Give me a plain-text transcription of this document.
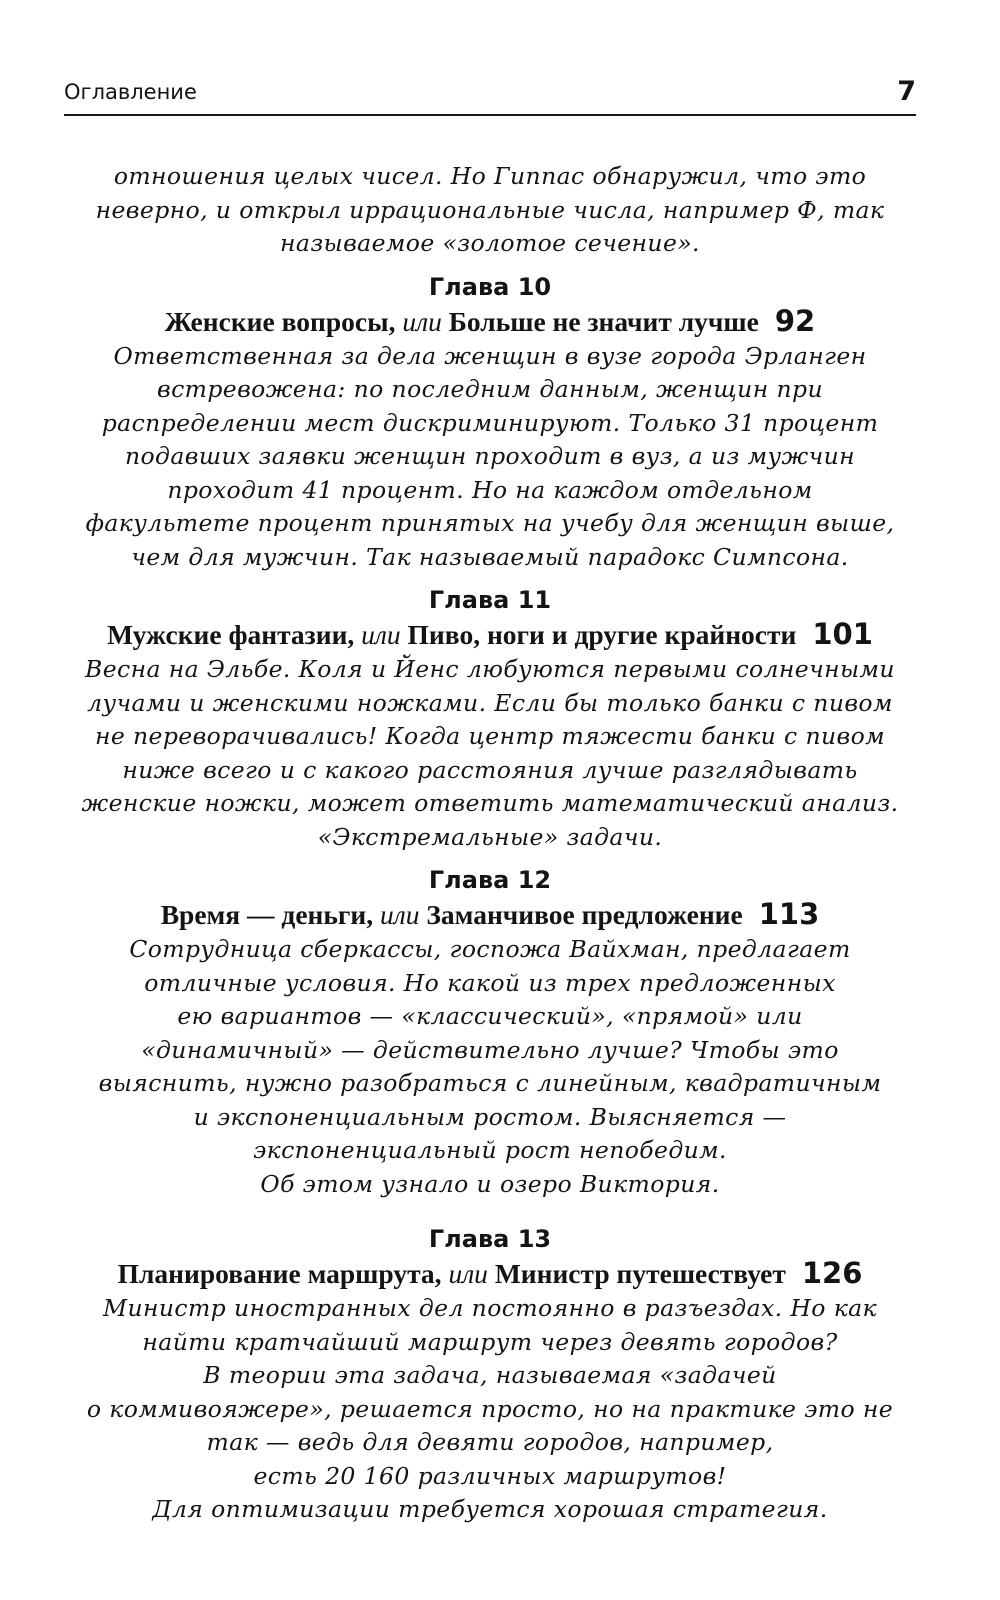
Оглавление	7
отношения целых чисел. Но Гиппас обнаружил, что это
неверно, и открыл иррациональные числа, например Ф, так
называемое «золотое сечение».
Глава 10
Женские вопросы, или Больше не значит лучше 92
Ответственная за дела женщин в вузе города Эрланген
встревожена: по последним данным, женщин при
распределении мест дискриминируют. Только 31 процент
подавших заявки женщин проходит в вуз, а из мужчин
проходит 41 процент. Но на каждом отдельном
факультете процент принятых на учебу для женщин выше,
чем для мужчин. Так называемый парадокс Симпсона.
Глава 11
Мужские фантазии, или Пиво, ноги и другие крайности 101
Весна на Эльбе. Коля и Йенс любуются первыми солнечными
лучами и женскими ножками. Если бы только банки с пивом
не переворачивались! Когда центр тяжести банки с пивом
ниже всего и с какого расстояния лучше разглядывать
женские ножки, может ответить математический анализ.
«Экстремальные» задачи.
Глава 12
Время — деньги, или Заманчивое предложение 113
Сотрудница сберкассы, госпожа Вайхман, предлагает
отличные условия. Но какой из трех предложенных
ею вариантов — «классический», «прямой» или
«динамичный» — действительно лучше? Чтобы это
выяснить, нужно разобраться с линейным, квадратичным
и экспоненциальным ростом. Выясняется —
экспоненциальный рост непобедим.
Об этом узнало и озеро Виктория.
Глава 13
Планирование маршрута, или Министр путешествует 126
Министр иностранных дел постоянно в разъездах. Но как
найти кратчайший маршрут через девять городов?
В теории эта задача, называемая «задачей
о коммивояжере», решается просто, но на практике это не
так — ведь для девяти городов, например,
есть 20 160 различных маршрутов!
Для оптимизации требуется хорошая стратегия.
